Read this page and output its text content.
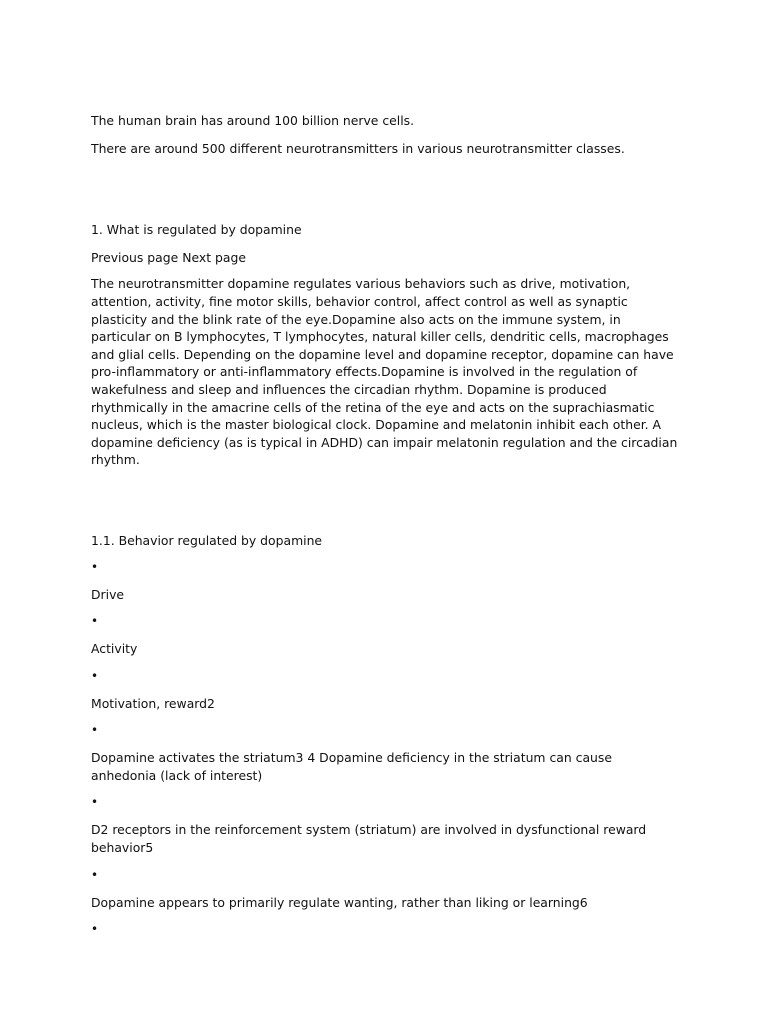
The human brain has around 100 billion nerve cells.

There are around 500 different neurotransmitters in various neurotransmitter classes.

1. What is regulated by dopamine

Previous page Next page

The neurotransmitter dopamine regulates various behaviors such as drive, motivation, attention, activity, fine motor skills, behavior control, affect control as well as synaptic plasticity and the blink rate of the eye.Dopamine also acts on the immune system, in particular on B lymphocytes, T lymphocytes, natural killer cells, dendritic cells, macrophages and glial cells. Depending on the dopamine level and dopamine receptor, dopamine can have pro-inflammatory or anti-inflammatory effects.Dopamine is involved in the regulation of wakefulness and sleep and influences the circadian rhythm. Dopamine is produced rhythmically in the amacrine cells of the retina of the eye and acts on the suprachiasmatic nucleus, which is the master biological clock. Dopamine and melatonin inhibit each other. A dopamine deficiency (as is typical in ADHD) can impair melatonin regulation and the circadian rhythm.

1.1. Behavior regulated by dopamine

•

Drive

•

Activity

•

Motivation, reward2

•

Dopamine activates the striatum3 4 Dopamine deficiency in the striatum can cause anhedonia (lack of interest)

•

D2 receptors in the reinforcement system (striatum) are involved in dysfunctional reward behavior5

•

Dopamine appears to primarily regulate wanting, rather than liking or learning6

•
